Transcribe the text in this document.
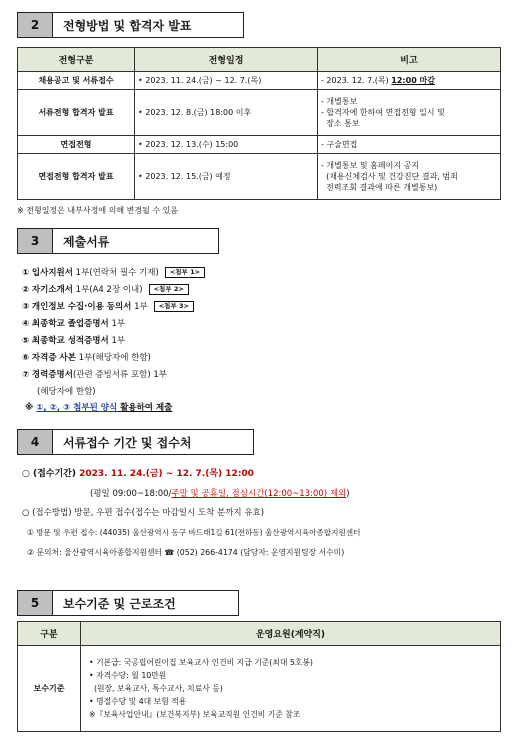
2	전형방법 및 합격자 발표
전형구분	전형일정	비고
채용공고 및 서류접수	• 2023. 11. 24.(금) ~ 12. 7.(목)	- 2023. 12. 7.(목) 12:00 마감
서류전형 합격자 발표	• 2023. 12. 8.(금) 18:00 이후	- 개별통보
- 합격자에 한하여 면접전형 일시 및
장소 통보

면접전형	• 2023. 12. 13.(수) 15:00	- 구술면접
면접전형 합격자 발표	• 2023. 12. 15.(금) 예정	- 개별통보 및 홈페이지 공지
(채용신체검사 및 건강진단 결과, 범죄
전력조회 결과에 따른 개별통보)
※ 전형일정은 내부사정에 의해 변경될 수 있음
3	제출서류
① 입사지원서 1부(연락처 필수 기재) <첨부 1>
② 자기소개서 1부(A4 2장 이내) <첨부 2>
③ 개인정보 수집·이용 동의서 1부 <첨부 3>
④ 최종학교 졸업증명서 1부
⑤ 최종학교 성적증명서 1부
⑥ 자격증 사본 1부(해당자에 한함)
⑦ 경력증명서(관련 증빙서류 포함) 1부
(해당자에 한함)
※ ①, ②, ③ 첨부된 양식 활용하여 제출
4	서류접수 기간 및 접수처
○ (접수기간) 2023. 11. 24.(금) ~ 12. 7.(목) 12:00
(평일 09:00~18:00/주말 및 공휴일, 점심시간(12:00~13:00) 제외)
○ (접수방법) 방문, 우편 접수(접수는 마감일시 도착 분까지 유효)
① 방문 및 우편 접수: (44035) 울산광역시 동구 바드래1길 61(전하동) 울산광역시육아종합지원센터
② 문의처: 울산광역시육아종합지원센터 ☎ (052) 266-4174 (담당자: 운영지원팀장 서수미)
5	보수기준 및 근로조건
구분	운영요원(계약직)
보수기준	• 기본급: 국공립어린이집 보육교사 인건비 지급 기준(최대 5호봉)
• 자격수당: 월 10만원
(원장, 보육교사, 특수교사, 치료사 등)
• 명절수당 및 4대 보험 적용
※『보육사업안내』(보건복지부) 보육교직원 인건비 기준 참조
